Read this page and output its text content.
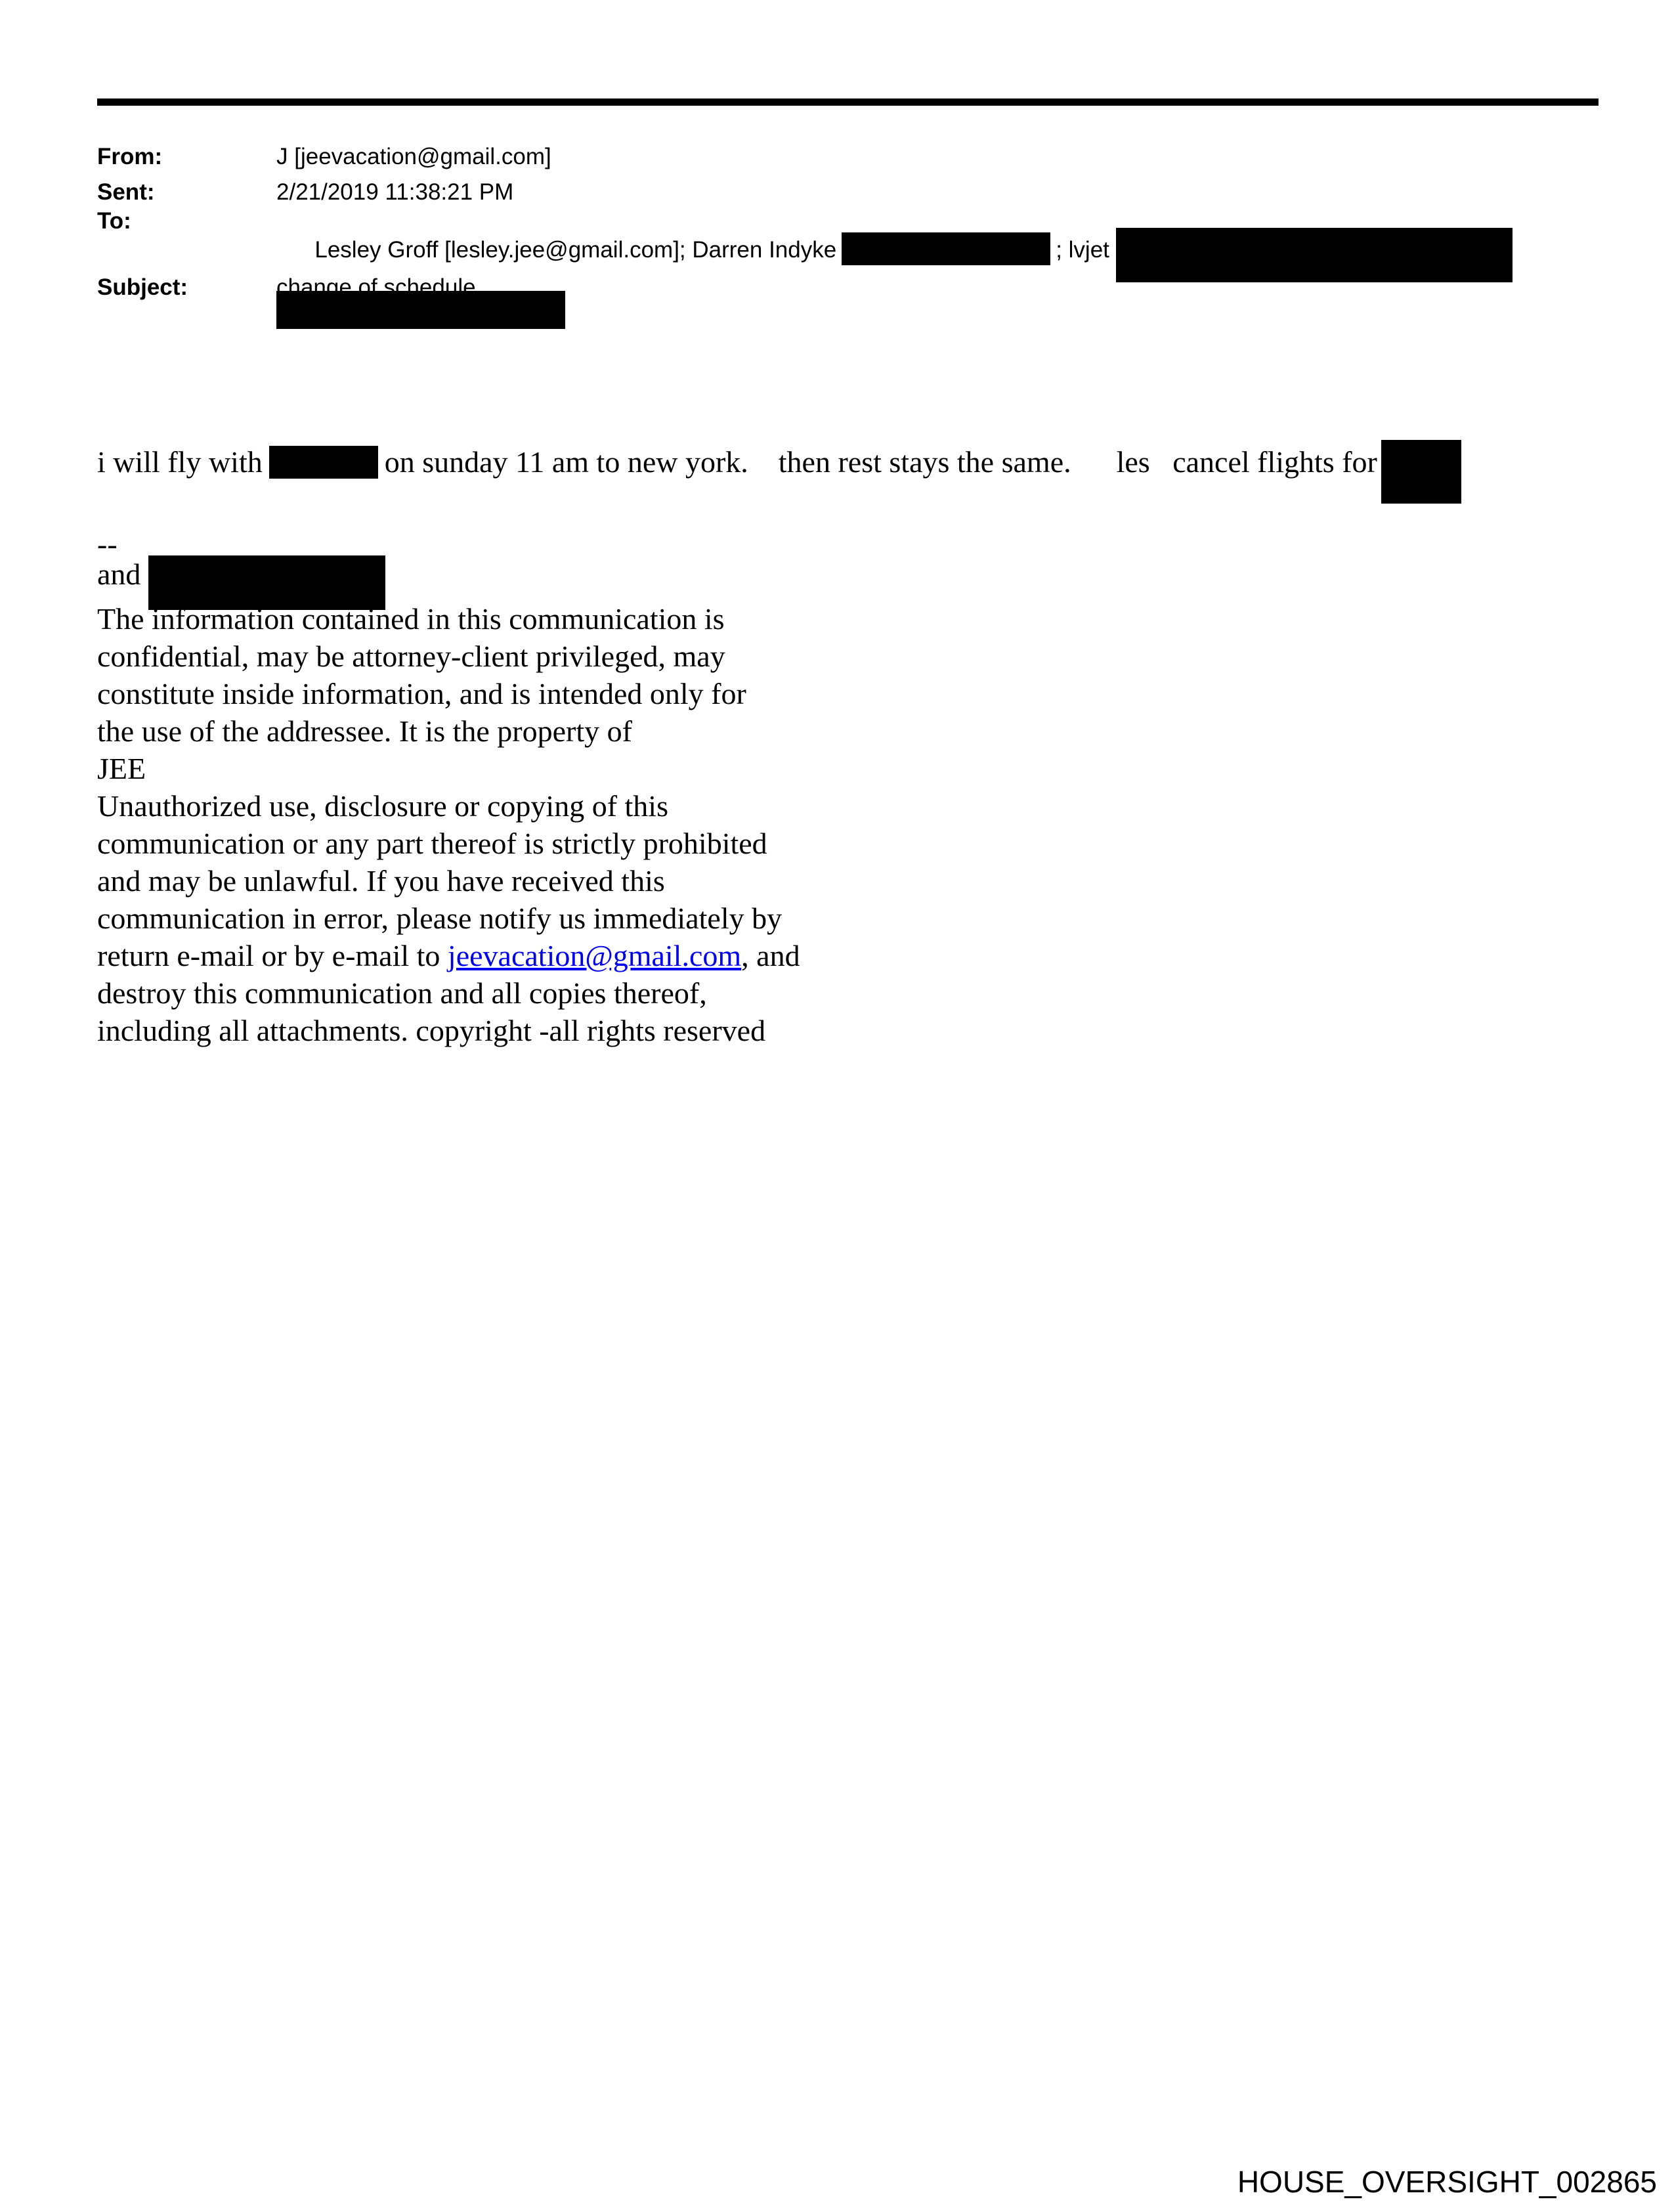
From:	J [jeevacation@gmail.com]
Sent:	2/21/2019 11:38:21 PM
To:

Lesley Groff [lesley.jee@gmail.com]; Darren Indyke	; lvjet

Subject:	change of schedule

i will fly with	on sunday 11 am to new york.    then rest stays the same.      les   cancel flights for

and

--
please note
The information contained in this communication is
confidential, may be attorney-client privileged, may
constitute inside information, and is intended only for
the use of the addressee. It is the property of
JEE
Unauthorized use, disclosure or copying of this
communication or any part thereof is strictly prohibited
and may be unlawful. If you have received this
communication in error, please notify us immediately by
return e-mail or by e-mail to jeevacation@gmail.com, and
destroy this communication and all copies thereof,
including all attachments. copyright -all rights reserved
HOUSE_OVERSIGHT_002865
